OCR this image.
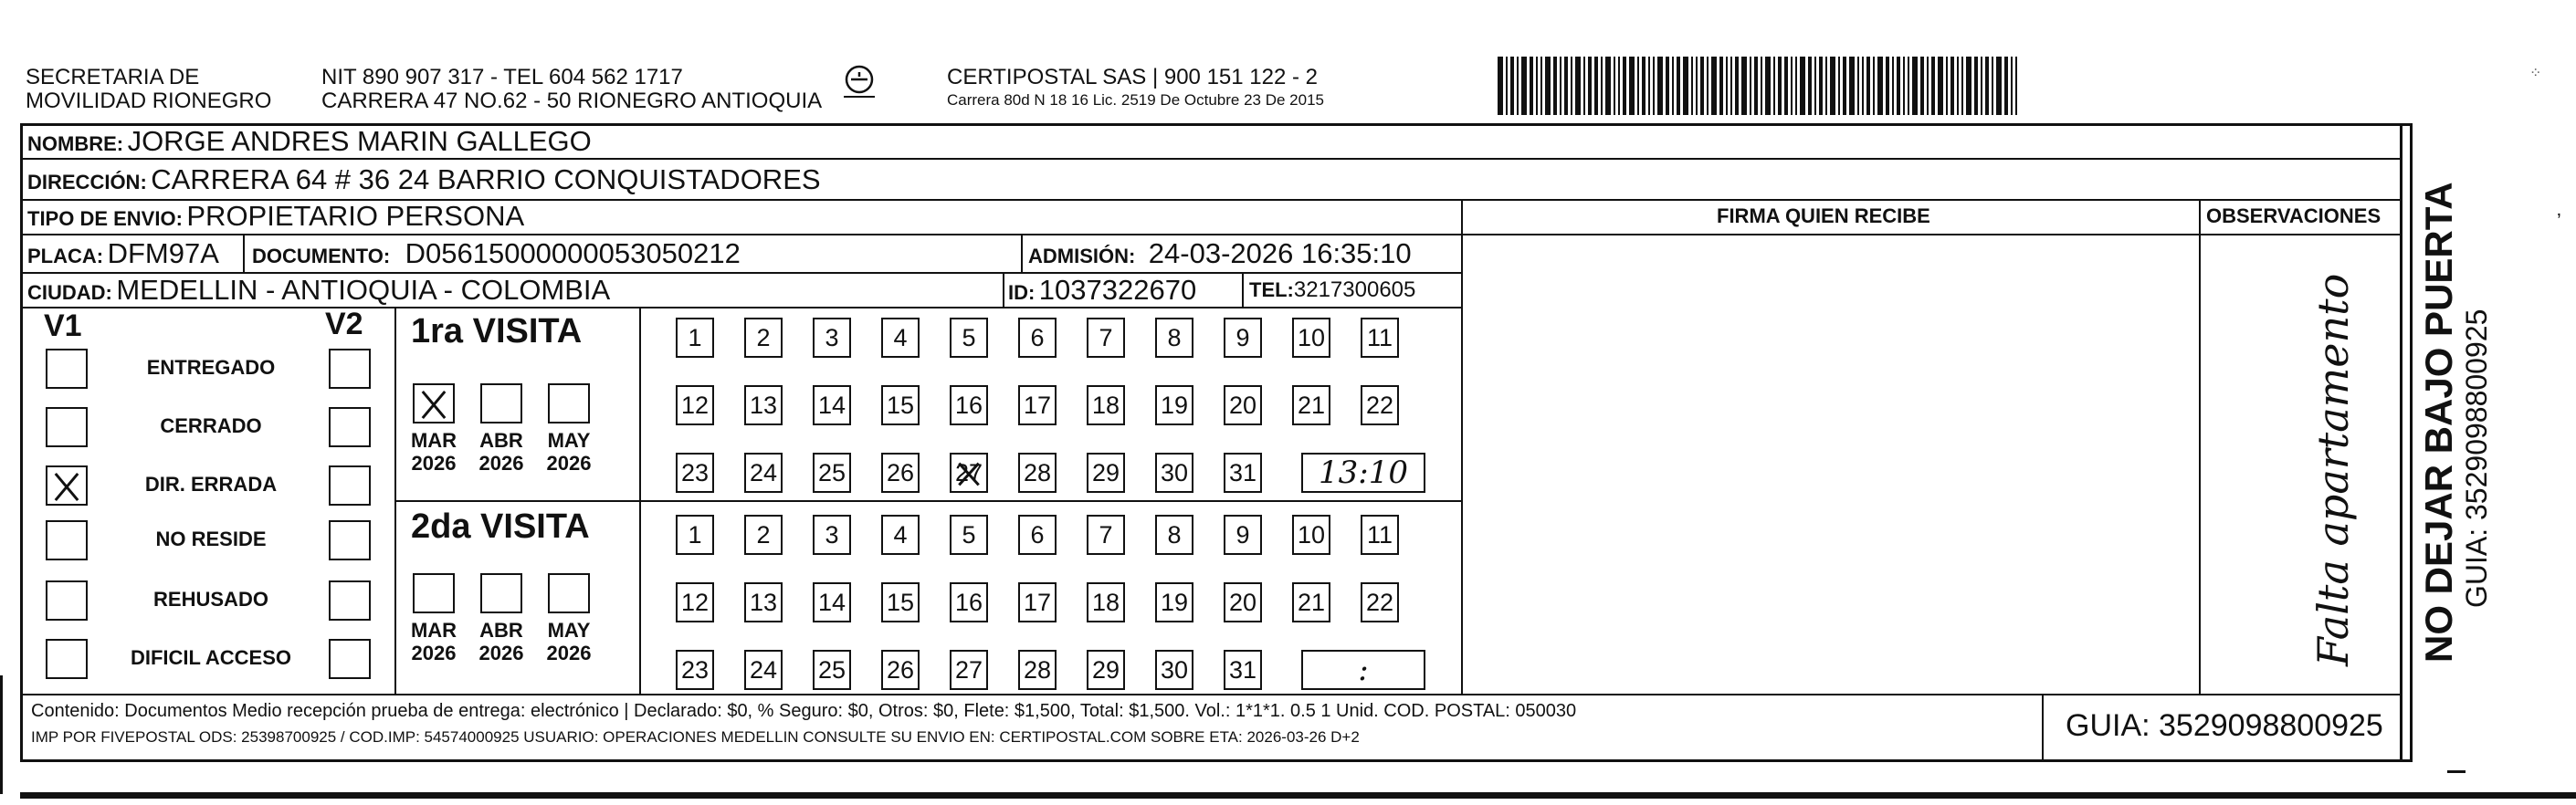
SECRETARIA DE
MOVILIDAD RIONEGRO
NIT 890 907 317 - TEL 604 562 1717
CARRERA 47 NO.62 - 50 RIONEGRO ANTIOQUIA
CERTIPOSTAL SAS | 900 151 122 - 2
Carrera 80d N 18 16 Lic. 2519 De Octubre 23 De 2015
⁘
ʼ
NOMBRE: JORGE ANDRES MARIN GALLEGO
DIRECCIÓN: CARRERA 64 # 36 24 BARRIO CONQUISTADORES
TIPO DE ENVIO: PROPIETARIO PERSONA	FIRMA QUIEN RECIBE	OBSERVACIONES
PLACA: DFM97A DOCUMENTO: D05615000000053050212	ADMISIÓN: 24-03-2026 16:35:10
CIUDAD: MEDELLIN - ANTIOQUIA - COLOMBIA	ID: 1037322670	TEL:3217300605
V1	V2
ENTREGADO
CERRADO
DIR. ERRADA
NO RESIDE
REHUSADO
DIFICIL ACCESO
1ra VISITA
2da VISITA
MAR
2026
ABR
2026
MAY
2026
MAR
2026
ABR
2026
MAY
2026
1	2	3	4	5	6	7	8	9	10 11
12 13 14 15 16 17 18 19 20 21 22
23 24 25 26 27 28 29 30 31	13:10
1	2	3	4	5	6	7	8	9	10 11
12 13 14 15 16 17 18 19 20 21 22
23 24 25 26 27 28 29 30 31	:
Falta apartamento NO DEJAR BAJO PUERTA GUIA: 3529098800925
Contenido: Documentos Medio recepción prueba de entrega: electrónico | Declarado: $0, % Seguro: $0, Otros: $0, Flete: $1,500, Total: $1,500. Vol.: 1*1*1. 0.5 1 Unid. COD. POSTAL: 050030
IMP POR FIVEPOSTAL ODS: 25398700925 / COD.IMP: 54574000925 USUARIO: OPERACIONES MEDELLIN CONSULTE SU ENVIO EN: CERTIPOSTAL.COM SOBRE ETA: 2026-03-26 D+2	GUIA: 3529098800925
